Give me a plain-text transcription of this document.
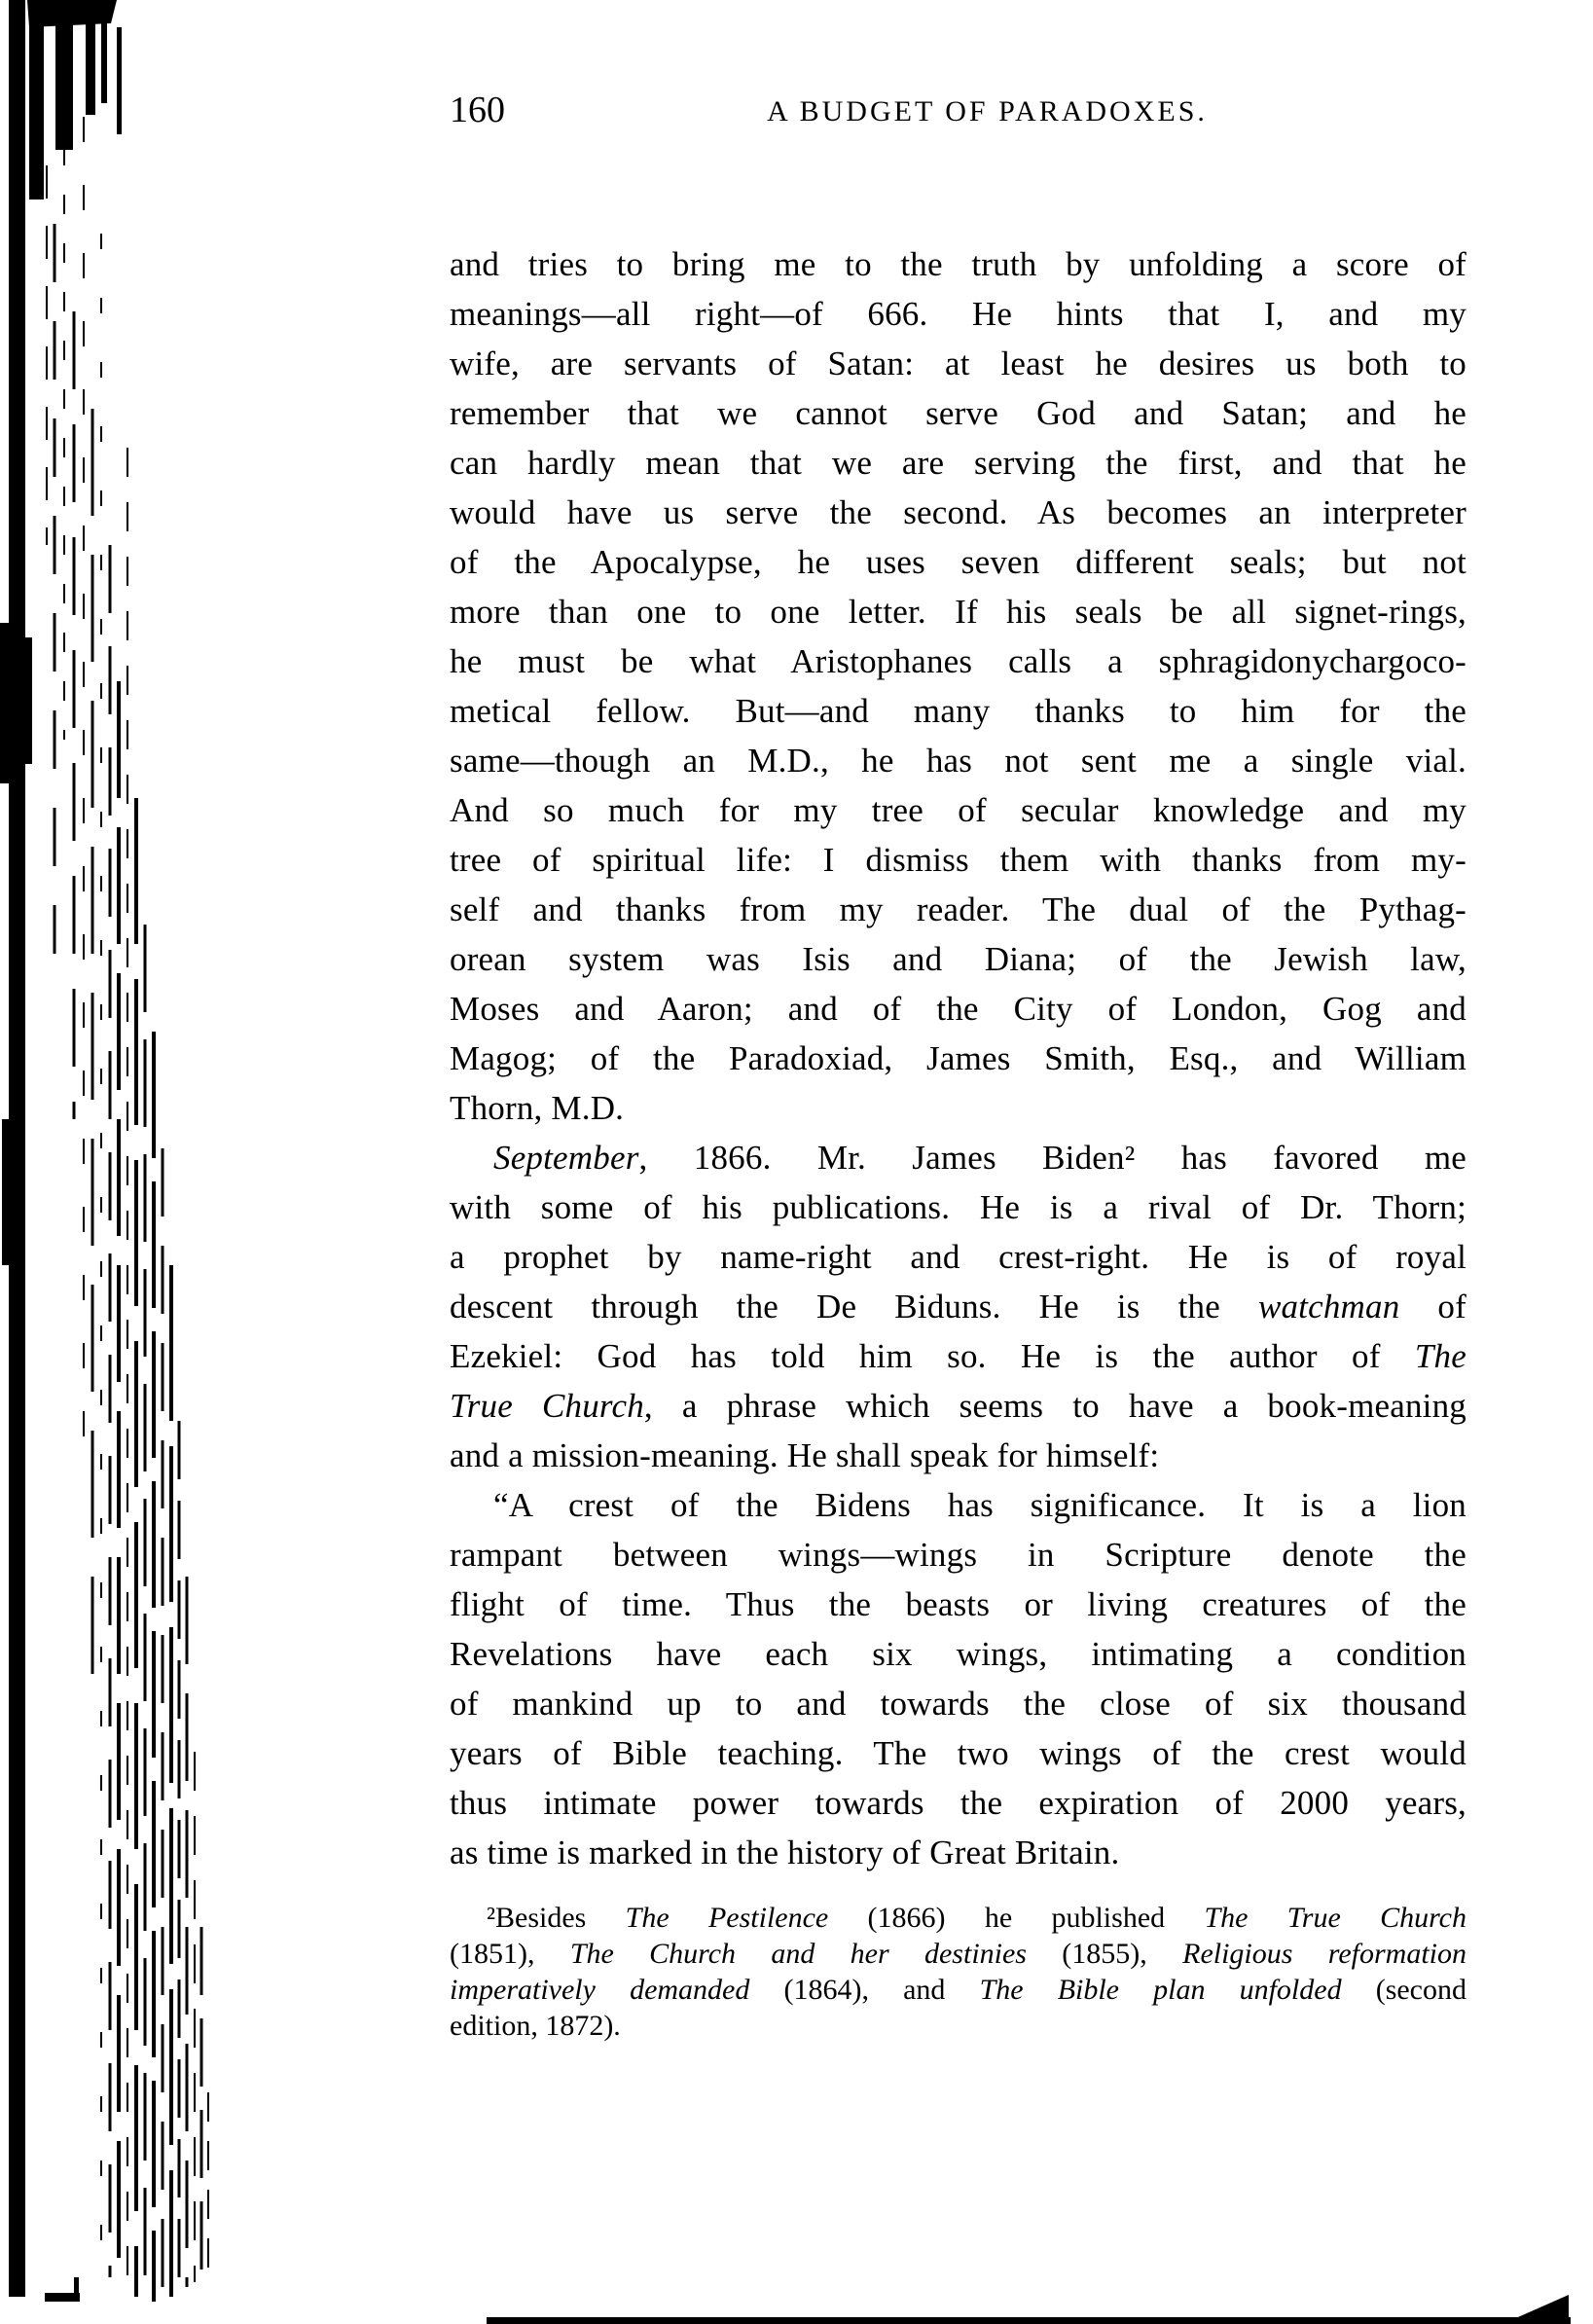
160	A BUDGET OF PARADOXES.
and tries to bring me to the truth by unfolding a score of
meanings—all right—of 666. He hints that I, and my
wife, are servants of Satan: at least he desires us both to
remember that we cannot serve God and Satan; and he
can hardly mean that we are serving the first, and that he
would have us serve the second. As becomes an interpreter
of the Apocalypse, he uses seven different seals; but not
more than one to one letter. If his seals be all signet-rings,
he must be what Aristophanes calls a sphragidonychargoco-
metical fellow. But—and many thanks to him for the
same—though an M.D., he has not sent me a single vial.
And so much for my tree of secular knowledge and my
tree of spiritual life: I dismiss them with thanks from my-
self and thanks from my reader. The dual of the Pythag-
orean system was Isis and Diana; of the Jewish law,
Moses and Aaron; and of the City of London, Gog and
Magog; of the Paradoxiad, James Smith, Esq., and William
Thorn, M.D.
September, 1866. Mr. James Biden² has favored me
with some of his publications. He is a rival of Dr. Thorn;
a prophet by name-right and crest-right. He is of royal
descent through the De Biduns. He is the watchman of
Ezekiel: God has told him so. He is the author of The
True Church, a phrase which seems to have a book-meaning
and a mission-meaning. He shall speak for himself:
“A crest of the Bidens has significance. It is a lion
rampant between wings—wings in Scripture denote the
flight of time. Thus the beasts or living creatures of the
Revelations have each six wings, intimating a condition
of mankind up to and towards the close of six thousand
years of Bible teaching. The two wings of the crest would
thus intimate power towards the expiration of 2000 years,
as time is marked in the history of Great Britain.
²Besides The Pestilence (1866) he published The True Church
(1851), The Church and her destinies (1855), Religious reformation
imperatively demanded (1864), and The Bible plan unfolded (second
edition, 1872).
